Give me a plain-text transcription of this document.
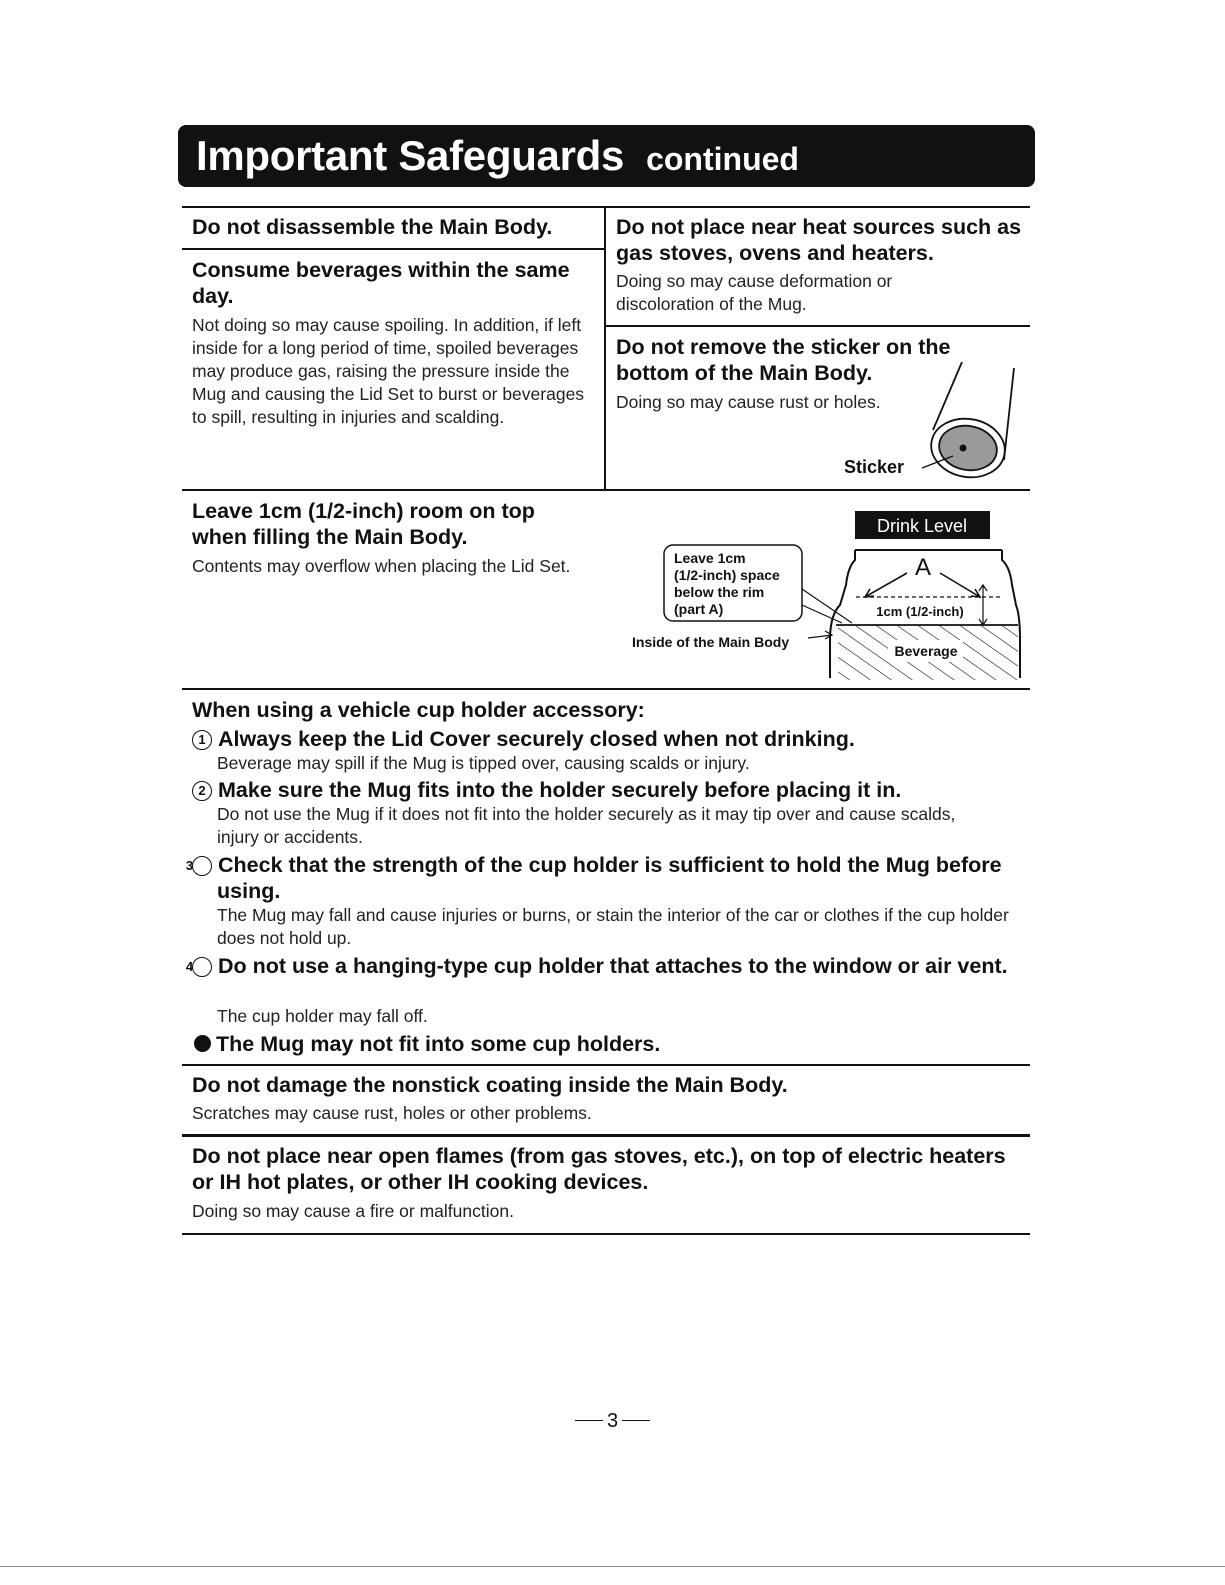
Important Safeguards continued

Do not disassemble the Main Body.

Consume beverages within the same day.

Not doing so may cause spoiling. In addition, if left inside for a long period of time, spoiled beverages may produce gas, raising the pressure inside the Mug and causing the Lid Set to burst or beverages to spill, resulting in injuries and scalding.

Do not place near heat sources such as gas stoves, ovens and heaters.

Doing so may cause deformation or discoloration of the Mug.

Do not remove the sticker on the bottom of the Main Body.

Doing so may cause rust or holes.

Sticker

Leave 1cm (1/2-inch) room on top when filling the Main Body.

Contents may overflow when placing the Lid Set.

Drink Level
A
1cm (1/2-inch)
Beverage
Leave 1cm (1/2-inch) space below the rim (part A)
Inside of the Main Body
When using a vehicle cup holder accessory:
1 Always keep the Lid Cover securely closed when not drinking.
Beverage may spill if the Mug is tipped over, causing scalds or injury.
2 Make sure the Mug fits into the holder securely before placing it in.
Do not use the Mug if it does not fit into the holder securely as it may tip over and cause scalds, injury or accidents.
3 Check that the strength of the cup holder is sufficient to hold the Mug before using.
The Mug may fall and cause injuries or burns, or stain the interior of the car or clothes if the cup holder does not hold up.
4 Do not use a hanging-type cup holder that attaches to the window or air vent.
The cup holder may fall off.
The Mug may not fit into some cup holders.

Do not damage the nonstick coating inside the Main Body.

Scratches may cause rust, holes or other problems.

Do not place near open flames (from gas stoves, etc.), on top of electric heaters or IH hot plates, or other IH cooking devices.

Doing so may cause a fire or malfunction.

3
